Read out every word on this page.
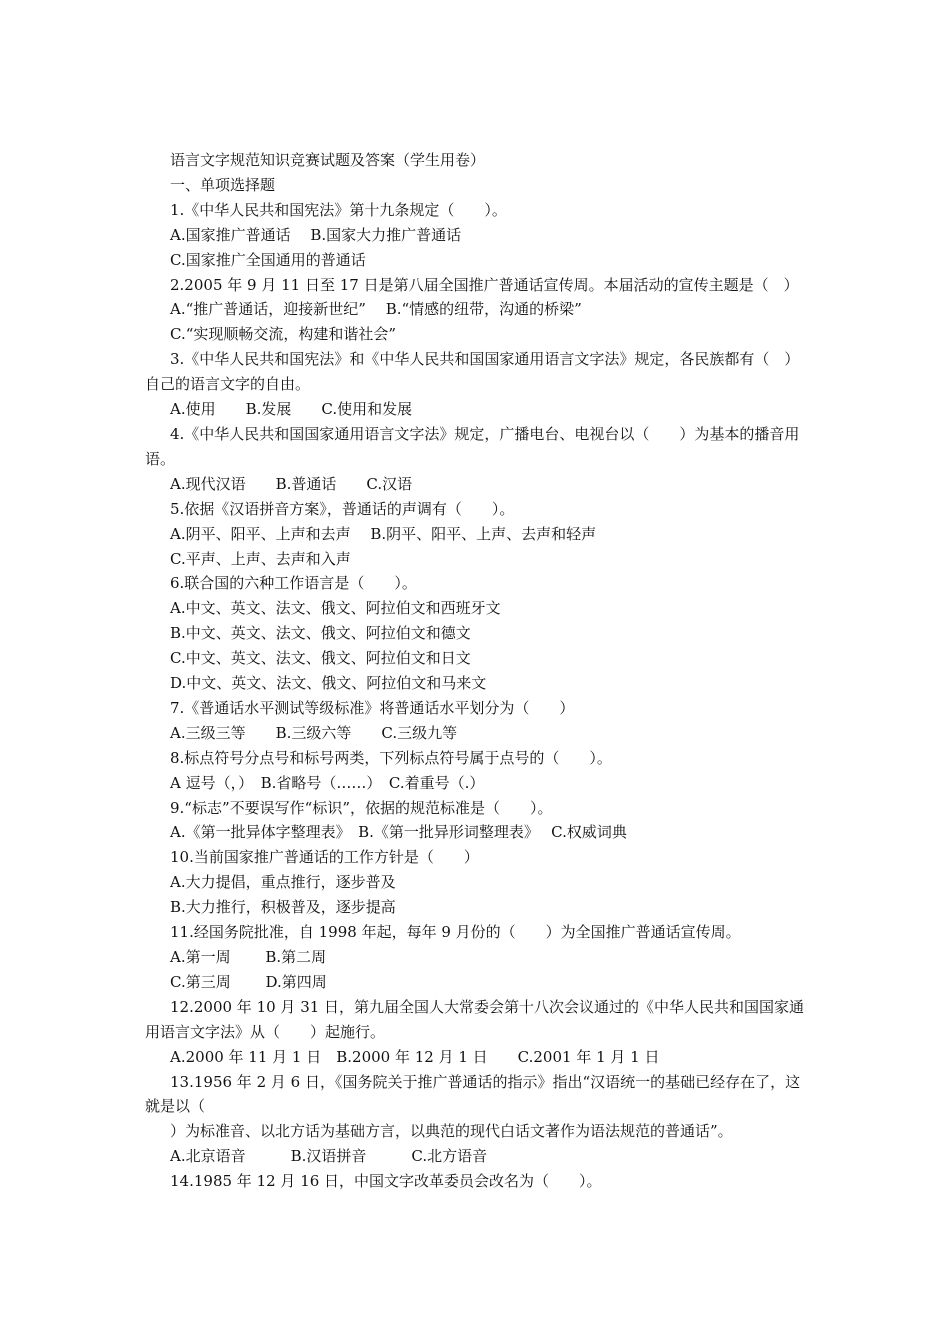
语言文字规范知识竞赛试题及答案（学生用卷）
一、单项选择题
1.《中华人民共和国宪法》第十九条规定（　　）。
A.国家推广普通话　 B.国家大力推广普通话
C.国家推广全国通用的普通话
2.2005 年 9 月 11 日至 17 日是第八届全国推广普通话宣传周。本届活动的宣传主题是（　）
A.“推广普通话，迎接新世纪”　 B.“情感的纽带，沟通的桥梁”
C.“实现顺畅交流，构建和谐社会”
3.《中华人民共和国宪法》和《中华人民共和国国家通用语言文字法》规定，各民族都有（　）自己的语言文字的自由。
A.使用　　B.发展　　C.使用和发展
4.《中华人民共和国国家通用语言文字法》规定，广播电台、电视台以（　　）为基本的播音用语。
A.现代汉语　　B.普通话　　C.汉语
5.依据《汉语拼音方案》，普通话的声调有（　　）。
A.阴平、阳平、上声和去声　 B.阴平、阳平、上声、去声和轻声
C.平声、上声、去声和入声
6.联合国的六种工作语言是（　　）。
A.中文、英文、法文、俄文、阿拉伯文和西班牙文
B.中文、英文、法文、俄文、阿拉伯文和德文
C.中文、英文、法文、俄文、阿拉伯文和日文
D.中文、英文、法文、俄文、阿拉伯文和马来文
7.《普通话水平测试等级标准》将普通话水平划分为（　　）
A.三级三等　　B.三级六等　　C.三级九等
8.标点符号分点号和标号两类，下列标点符号属于点号的（　　）。
A 逗号（，）　B.省略号（……）　C.着重号（.）
9.“标志”不要误写作“标识”，依据的规范标准是（　　）。
A.《第一批异体字整理表》　B.《第一批异形词整理表》　 C.权威词典
10.当前国家推广普通话的工作方针是（　　）
A.大力提倡，重点推行，逐步普及
B.大力推行，积极普及，逐步提高
11.经国务院批准，自 1998 年起，每年 9 月份的（　　）为全国推广普通话宣传周。
A.第一周　　 B.第二周
C.第三周　　 D.第四周
12.2000 年 10 月 31 日，第九届全国人大常委会第十八次会议通过的《中华人民共和国国家通用语言文字法》从（　　）起施行。
A.2000 年 11 月 1 日　B.2000 年 12 月 1 日　　C.2001 年 1 月 1 日
13.1956 年 2 月 6 日，《国务院关于推广普通话的指示》指出“汉语统一的基础已经存在了，这就是以（
）为标准音、以北方话为基础方言，以典范的现代白话文著作为语法规范的普通话”。
A.北京语音　　　B.汉语拼音　　　C.北方语音
14.1985 年 12 月 16 日，中国文字改革委员会改名为（　　）。
